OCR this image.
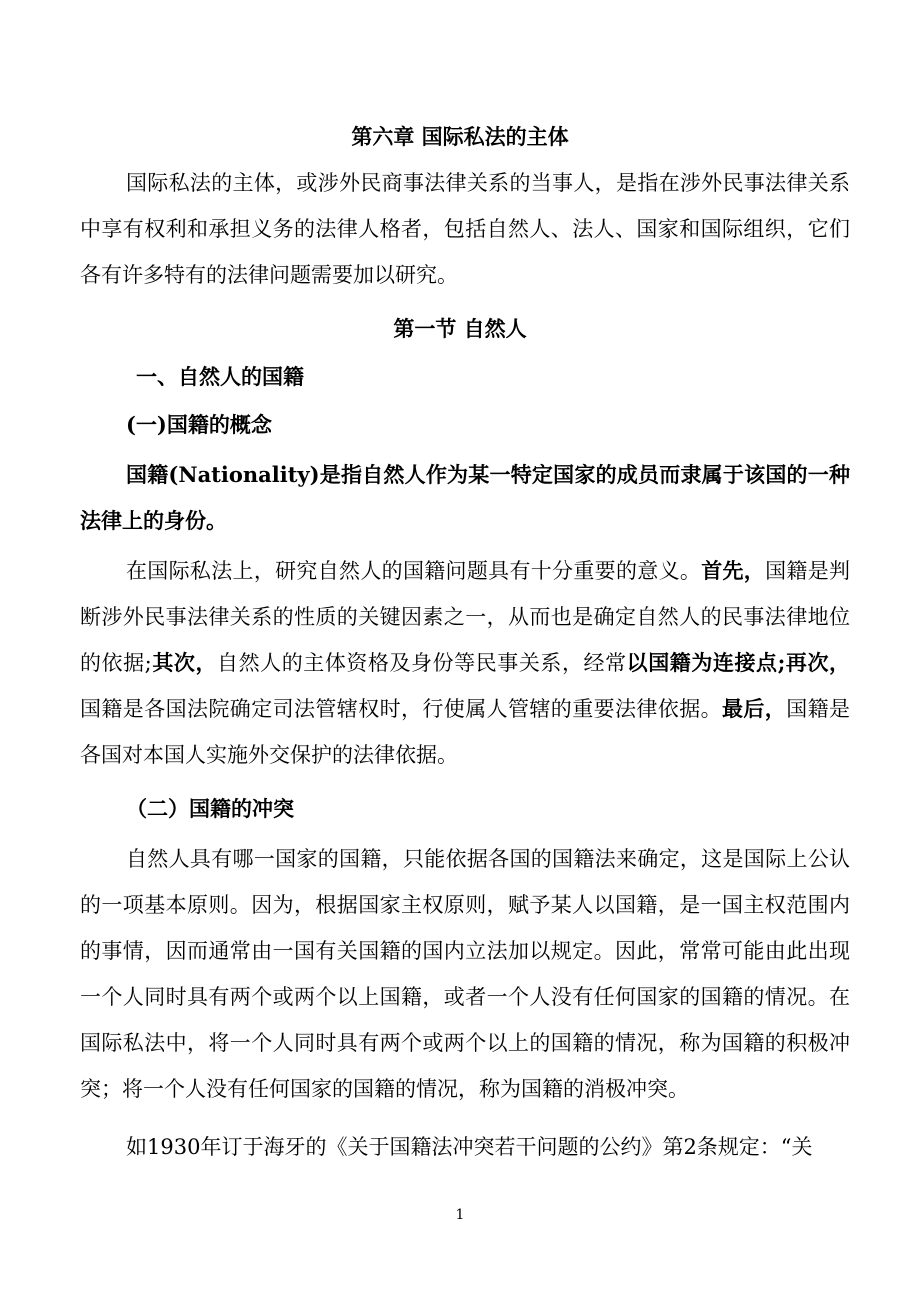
第六章 国际私法的主体
国际私法的主体，或涉外民商事法律关系的当事人，是指在涉外民事法律关系中享有权利和承担义务的法律人格者，包括自然人、法人、国家和国际组织，它们各有许多特有的法律问题需要加以研究。
第一节 自然人
一、自然人的国籍
(一)国籍的概念
国籍(Nationality)是指自然人作为某一特定国家的成员而隶属于该国的一种法律上的身份。
在国际私法上，研究自然人的国籍问题具有十分重要的意义。首先，国籍是判断涉外民事法律关系的性质的关键因素之一，从而也是确定自然人的民事法律地位的依据;其次，自然人的主体资格及身份等民事关系，经常以国籍为连接点;再次，国籍是各国法院确定司法管辖权时，行使属人管辖的重要法律依据。最后，国籍是各国对本国人实施外交保护的法律依据。
（二）国籍的冲突
自然人具有哪一国家的国籍，只能依据各国的国籍法来确定，这是国际上公认的一项基本原则。因为，根据国家主权原则，赋予某人以国籍，是一国主权范围内的事情，因而通常由一国有关国籍的国内立法加以规定。因此，常常可能由此出现一个人同时具有两个或两个以上国籍，或者一个人没有任何国家的国籍的情况。在国际私法中，将一个人同时具有两个或两个以上的国籍的情况，称为国籍的积极冲突；将一个人没有任何国家的国籍的情况，称为国籍的消极冲突。
如1930年订于海牙的《关于国籍法冲突若干问题的公约》第2条规定：“关
1
